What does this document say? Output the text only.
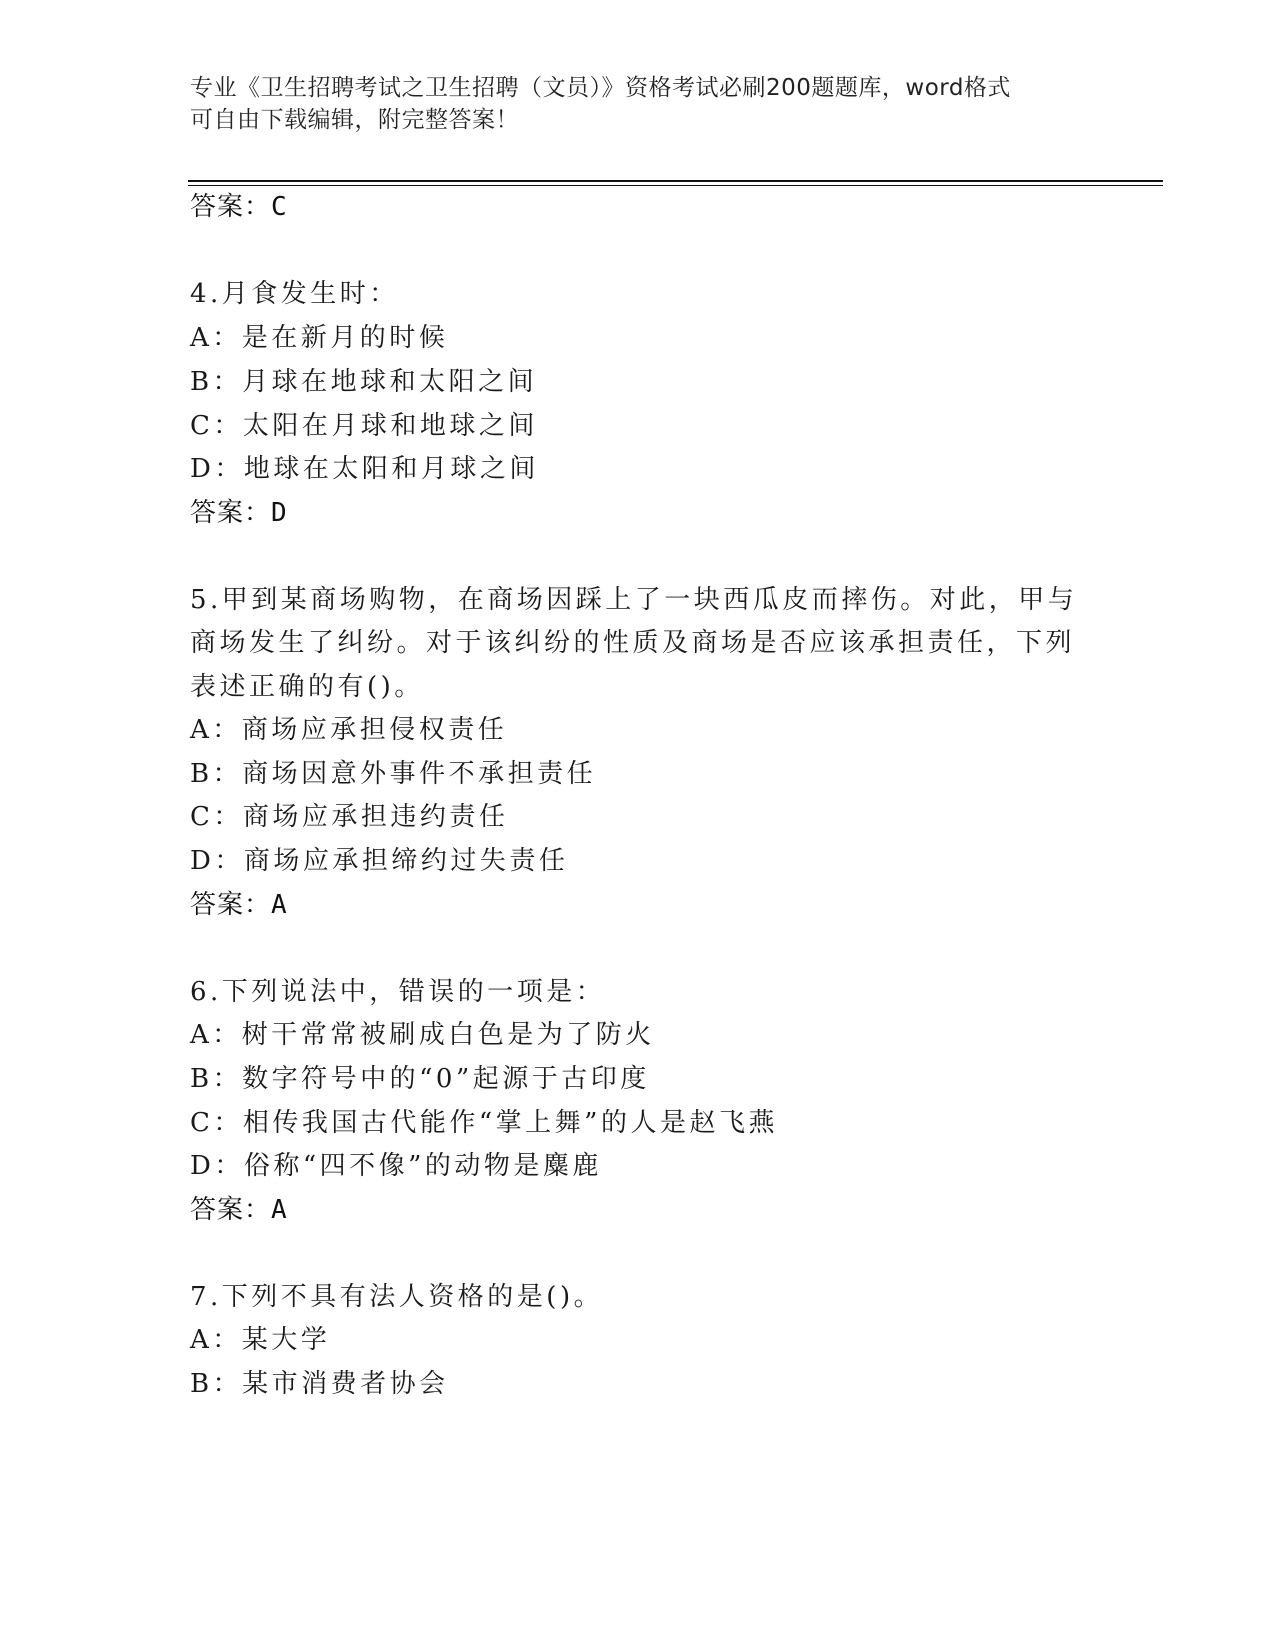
专业《卫生招聘考试之卫生招聘（文员）》资格考试必刷200题题库，word格式
可自由下载编辑，附完整答案！
答案：C
4.月食发生时：
A：是在新月的时候
B：月球在地球和太阳之间
C：太阳在月球和地球之间
D：地球在太阳和月球之间
答案：D
5.甲到某商场购物，在商场因踩上了一块西瓜皮而摔伤。对此，甲与
商场发生了纠纷。对于该纠纷的性质及商场是否应该承担责任，下列
表述正确的有()。
A：商场应承担侵权责任
B：商场因意外事件不承担责任
C：商场应承担违约责任
D：商场应承担缔约过失责任
答案：A
6.下列说法中，错误的一项是：
A：树干常常被刷成白色是为了防火
B：数字符号中的“0”起源于古印度
C：相传我国古代能作“掌上舞”的人是赵飞燕
D：俗称“四不像”的动物是麋鹿
答案：A
7.下列不具有法人资格的是()。
A：某大学
B：某市消费者协会
